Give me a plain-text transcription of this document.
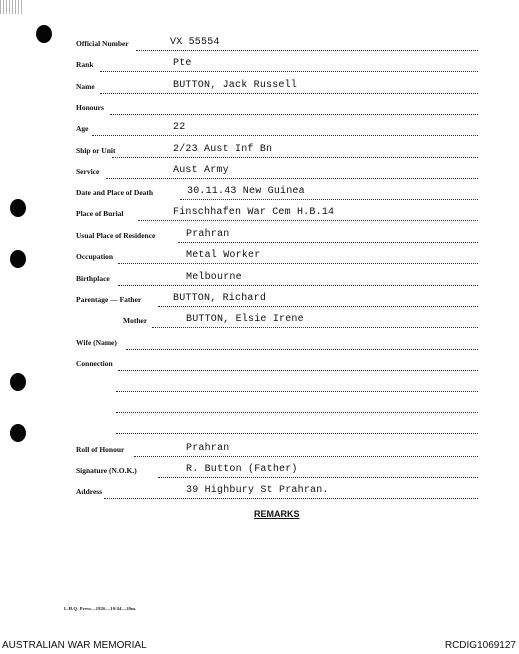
Official Number	VX 55554
Rank	Pte
Name	BUTTON, Jack Russell
Honours
Age	22
Ship or Unit	2/23 Aust Inf Bn
Service	Aust Army
Date and Place of Death	30.11.43 New Guinea
Place of Burial	Finschhafen War Cem H.B.14
Usual Place of Residence	Prahran
Occupation	Metal Worker
Birthplace	Melbourne
Parentage — Father	BUTTON, Richard
Mother	BUTTON, Elsie Irene
Wife (Name)
Connection
Roll of Honour	Prahran
Signature (N.O.K.)	R. Button (Father)
Address	39 Highbury St Prahran.
REMARKS
L.H.Q. Press—1826—10/44—20m.
AUSTRALIAN WAR MEMORIAL	RCDIG1069127
